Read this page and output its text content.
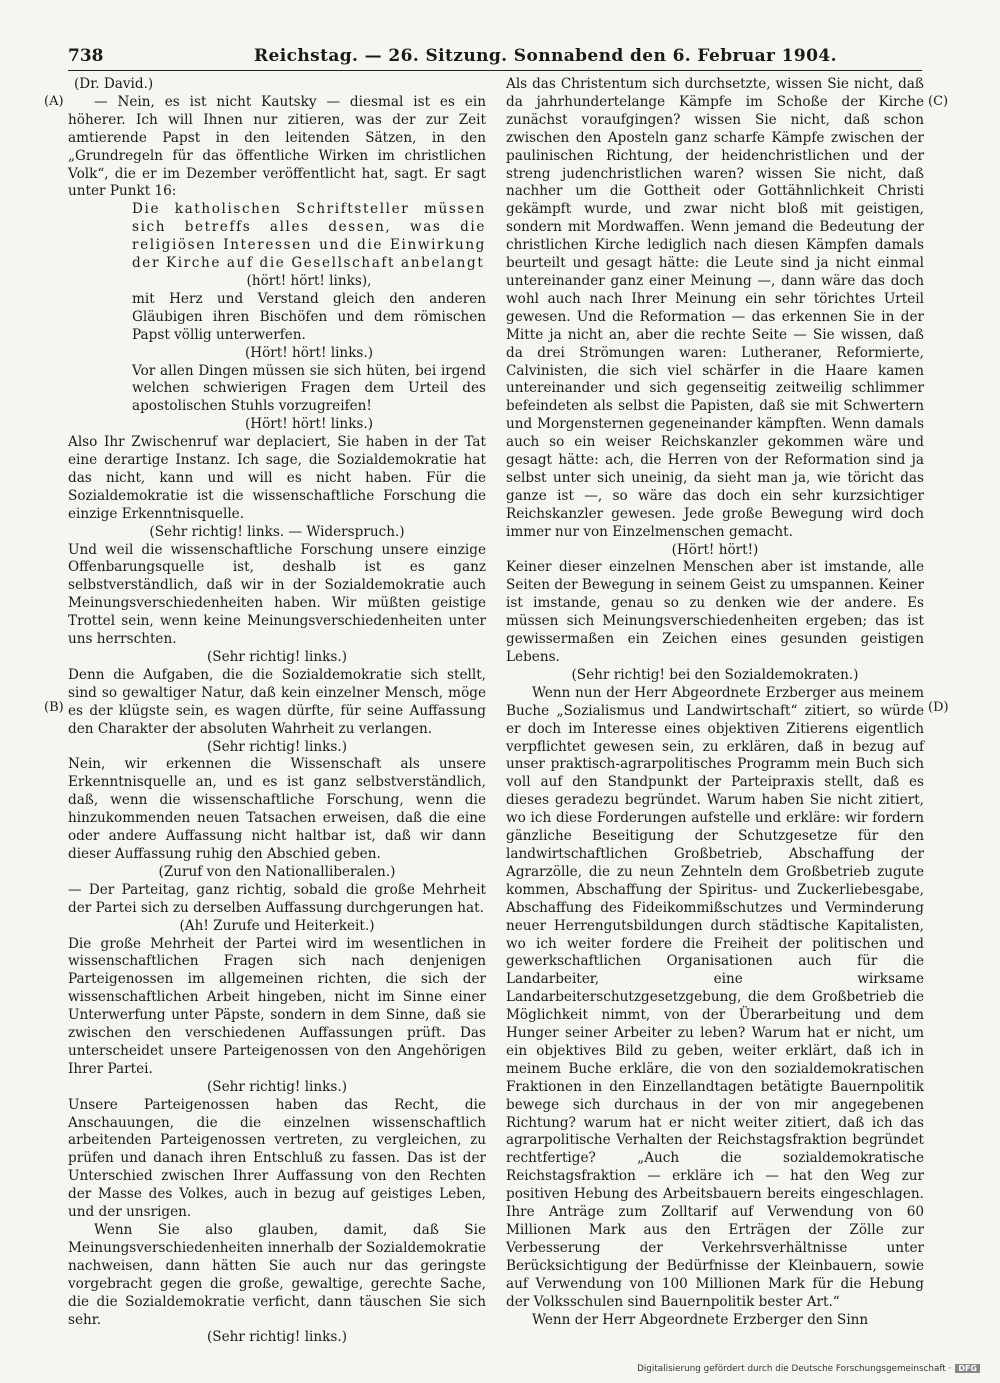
738	Reichstag. — 26. Sitzung. Sonnabend den 6. Februar 1904.
(A)
(B)
(C)
(D)

(Dr. David.)

— Nein, es ist nicht Kautsky — diesmal ist es ein höherer. Ich will Ihnen nur zitieren, was der zur Zeit amtierende Papst in den leitenden Sätzen, in den „Grundregeln für das öffentliche Wirken im christlichen Volk“, die er im Dezember veröffentlicht hat, sagt. Er sagt unter Punkt 16:

Die katholischen Schriftsteller müssen sich betreffs alles dessen, was die religiösen Interessen und die Einwirkung der Kirche auf die Gesellschaft anbelangt

(hört! hört! links),

mit Herz und Verstand gleich den anderen Gläubigen ihren Bischöfen und dem römischen Papst völlig unterwerfen.

(Hört! hört! links.)

Vor allen Dingen müssen sie sich hüten, bei irgend welchen schwierigen Fragen dem Urteil des apostolischen Stuhls vorzugreifen!

(Hört! hört! links.)

Also Ihr Zwischenruf war deplaciert, Sie haben in der Tat eine derartige Instanz. Ich sage, die Sozialdemokratie hat das nicht, kann und will es nicht haben. Für die Sozialdemokratie ist die wissenschaftliche Forschung die einzige Erkenntnisquelle.

(Sehr richtig! links. — Widerspruch.)

Und weil die wissenschaftliche Forschung unsere einzige Offenbarungsquelle ist, deshalb ist es ganz selbstverständlich, daß wir in der Sozialdemokratie auch Meinungsverschiedenheiten haben. Wir müßten geistige Trottel sein, wenn keine Meinungsverschiedenheiten unter uns herrschten.

(Sehr richtig! links.)

Denn die Aufgaben, die die Sozialdemokratie sich stellt, sind so gewaltiger Natur, daß kein einzelner Mensch, möge es der klügste sein, es wagen dürfte, für seine Auffassung den Charakter der absoluten Wahrheit zu verlangen.

(Sehr richtig! links.)

Nein, wir erkennen die Wissenschaft als unsere Erkenntnisquelle an, und es ist ganz selbstverständlich, daß, wenn die wissenschaftliche Forschung, wenn die hinzukommenden neuen Tatsachen erweisen, daß die eine oder andere Auffassung nicht haltbar ist, daß wir dann dieser Auffassung ruhig den Abschied geben.

(Zuruf von den Nationalliberalen.)

— Der Parteitag, ganz richtig, sobald die große Mehrheit der Partei sich zu derselben Auffassung durchgerungen hat.

(Ah! Zurufe und Heiterkeit.)

Die große Mehrheit der Partei wird im wesentlichen in wissenschaftlichen Fragen sich nach denjenigen Parteigenossen im allgemeinen richten, die sich der wissenschaftlichen Arbeit hingeben, nicht im Sinne einer Unterwerfung unter Päpste, sondern in dem Sinne, daß sie zwischen den verschiedenen Auffassungen prüft. Das unterscheidet unsere Parteigenossen von den Angehörigen Ihrer Partei.

(Sehr richtig! links.)

Unsere Parteigenossen haben das Recht, die Anschauungen, die die einzelnen wissenschaftlich arbeitenden Parteigenossen vertreten, zu vergleichen, zu prüfen und danach ihren Entschluß zu fassen. Das ist der Unterschied zwischen Ihrer Auffassung von den Rechten der Masse des Volkes, auch in bezug auf geistiges Leben, und der unsrigen.

Wenn Sie also glauben, damit, daß Sie Meinungsverschiedenheiten innerhalb der Sozialdemokratie nachweisen, dann hätten Sie auch nur das geringste vorgebracht gegen die große, gewaltige, gerechte Sache, die die Sozialdemokratie verficht, dann täuschen Sie sich sehr.

(Sehr richtig! links.)

Als das Christentum sich durchsetzte, wissen Sie nicht, daß da jahrhundertelange Kämpfe im Schoße der Kirche zunächst voraufgingen? wissen Sie nicht, daß schon zwischen den Aposteln ganz scharfe Kämpfe zwischen der paulinischen Richtung, der heidenchristlichen und der streng judenchristlichen waren? wissen Sie nicht, daß nachher um die Gottheit oder Gottähnlichkeit Christi gekämpft wurde, und zwar nicht bloß mit geistigen, sondern mit Mordwaffen. Wenn jemand die Bedeutung der christlichen Kirche lediglich nach diesen Kämpfen damals beurteilt und gesagt hätte: die Leute sind ja nicht einmal untereinander ganz einer Meinung —, dann wäre das doch wohl auch nach Ihrer Meinung ein sehr törichtes Urteil gewesen. Und die Reformation — das erkennen Sie in der Mitte ja nicht an, aber die rechte Seite — Sie wissen, daß da drei Strömungen waren: Lutheraner, Reformierte, Calvinisten, die sich viel schärfer in die Haare kamen untereinander und sich gegenseitig zeitweilig schlimmer befeindeten als selbst die Papisten, daß sie mit Schwertern und Morgensternen gegeneinander kämpften. Wenn damals auch so ein weiser Reichskanzler gekommen wäre und gesagt hätte: ach, die Herren von der Reformation sind ja selbst unter sich uneinig, da sieht man ja, wie töricht das ganze ist —, so wäre das doch ein sehr kurzsichtiger Reichskanzler gewesen. Jede große Bewegung wird doch immer nur von Einzelmenschen gemacht.

(Hört! hört!)

Keiner dieser einzelnen Menschen aber ist imstande, alle Seiten der Bewegung in seinem Geist zu umspannen. Keiner ist imstande, genau so zu denken wie der andere. Es müssen sich Meinungsverschiedenheiten ergeben; das ist gewissermaßen ein Zeichen eines gesunden geistigen Lebens.

(Sehr richtig! bei den Sozialdemokraten.)

Wenn nun der Herr Abgeordnete Erzberger aus meinem Buche „Sozialismus und Landwirtschaft“ zitiert, so würde er doch im Interesse eines objektiven Zitierens eigentlich verpflichtet gewesen sein, zu erklären, daß in bezug auf unser praktisch-agrarpolitisches Programm mein Buch sich voll auf den Standpunkt der Parteipraxis stellt, daß es dieses geradezu begründet. Warum haben Sie nicht zitiert, wo ich diese Forderungen aufstelle und erkläre: wir fordern gänzliche Beseitigung der Schutzgesetze für den landwirtschaftlichen Großbetrieb, Abschaffung der Agrarzölle, die zu neun Zehnteln dem Großbetrieb zugute kommen, Abschaffung der Spiritus- und Zuckerliebesgabe, Abschaffung des Fideikommißschutzes und Verminderung neuer Herrengutsbildungen durch städtische Kapitalisten, wo ich weiter fordere die Freiheit der politischen und gewerkschaftlichen Organisationen auch für die Landarbeiter, eine wirksame Landarbeiterschutzgesetzgebung, die dem Großbetrieb die Möglichkeit nimmt, von der Überarbeitung und dem Hunger seiner Arbeiter zu leben? Warum hat er nicht, um ein objektives Bild zu geben, weiter erklärt, daß ich in meinem Buche erkläre, die von den sozialdemokratischen Fraktionen in den Einzellandtagen betätigte Bauernpolitik bewege sich durchaus in der von mir angegebenen Richtung? warum hat er nicht weiter zitiert, daß ich das agrarpolitische Verhalten der Reichstagsfraktion begründet rechtfertige? „Auch die sozialdemokratische Reichstagsfraktion — erkläre ich — hat den Weg zur positiven Hebung des Arbeitsbauern bereits eingeschlagen. Ihre Anträge zum Zolltarif auf Verwendung von 60 Millionen Mark aus den Erträgen der Zölle zur Verbesserung der Verkehrsverhältnisse unter Berücksichtigung der Bedürfnisse der Kleinbauern, sowie auf Verwendung von 100 Millionen Mark für die Hebung der Volksschulen sind Bauernpolitik bester Art.“

Wenn der Herr Abgeordnete Erzberger den Sinn

Digitalisierung gefördert durch die Deutsche Forschungsgemeinschaft · DFG
